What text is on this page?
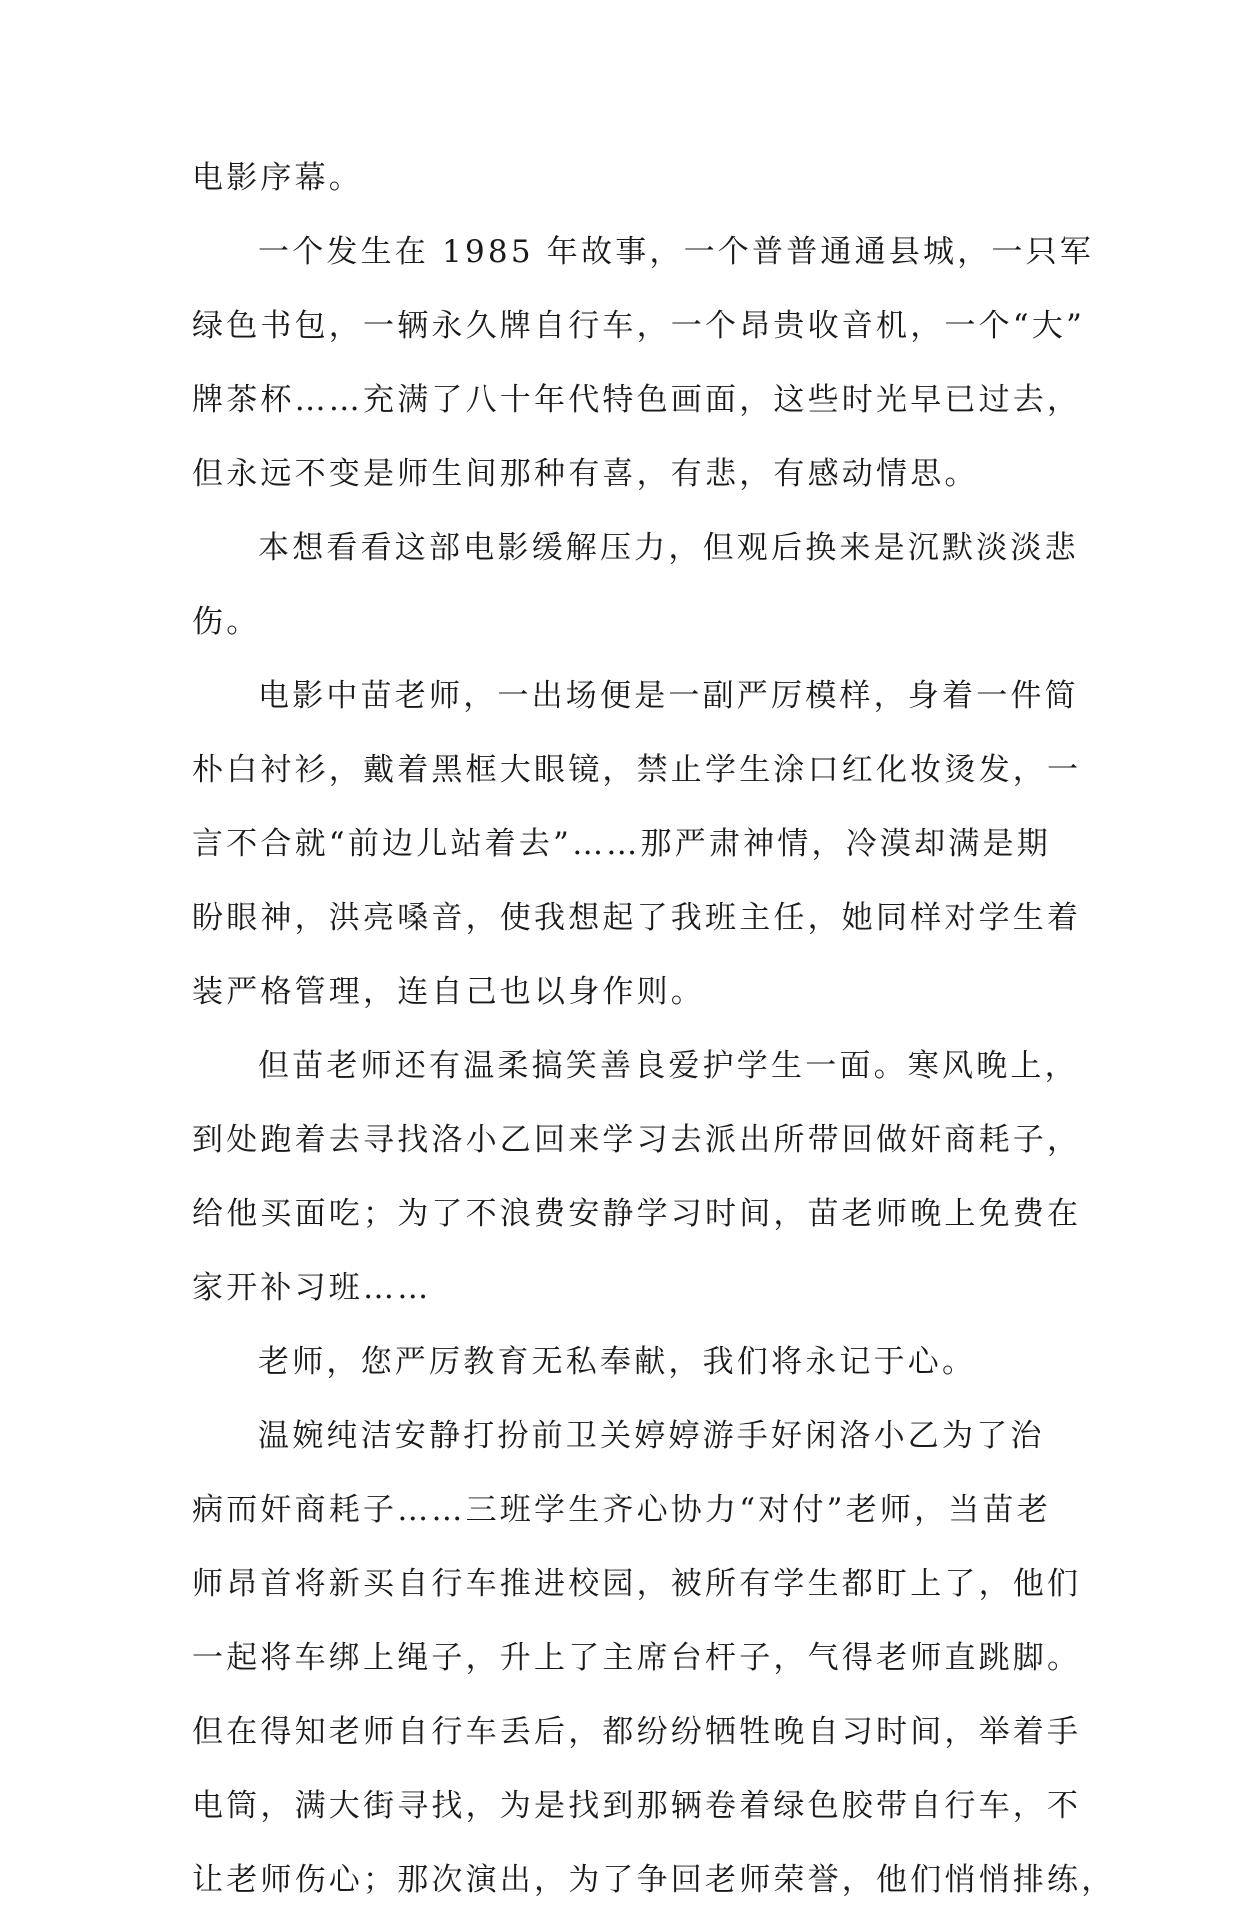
电影序幕。
一个发生在 1985 年故事，一个普普通通县城，一只军
绿色书包，一辆永久牌自行车，一个昂贵收音机，一个“大”
牌茶杯……充满了八十年代特色画面，这些时光早已过去，
但永远不变是师生间那种有喜，有悲，有感动情思。
本想看看这部电影缓解压力，但观后换来是沉默淡淡悲
伤。
电影中苗老师，一出场便是一副严厉模样，身着一件简
朴白衬衫，戴着黑框大眼镜，禁止学生涂口红化妆烫发，一
言不合就“前边儿站着去”……那严肃神情，冷漠却满是期
盼眼神，洪亮嗓音，使我想起了我班主任，她同样对学生着
装严格管理，连自己也以身作则。
但苗老师还有温柔搞笑善良爱护学生一面。寒风晚上，
到处跑着去寻找洛小乙回来学习去派出所带回做奸商耗子，
给他买面吃；为了不浪费安静学习时间，苗老师晚上免费在
家开补习班……
老师，您严厉教育无私奉献，我们将永记于心。
温婉纯洁安静打扮前卫关婷婷游手好闲洛小乙为了治
病而奸商耗子……三班学生齐心协力“对付”老师，当苗老
师昂首将新买自行车推进校园，被所有学生都盯上了，他们
一起将车绑上绳子，升上了主席台杆子，气得老师直跳脚。
但在得知老师自行车丢后，都纷纷牺牲晚自习时间，举着手
电筒，满大街寻找，为是找到那辆卷着绿色胶带自行车，不
让老师伤心；那次演出，为了争回老师荣誉，他们悄悄排练，
